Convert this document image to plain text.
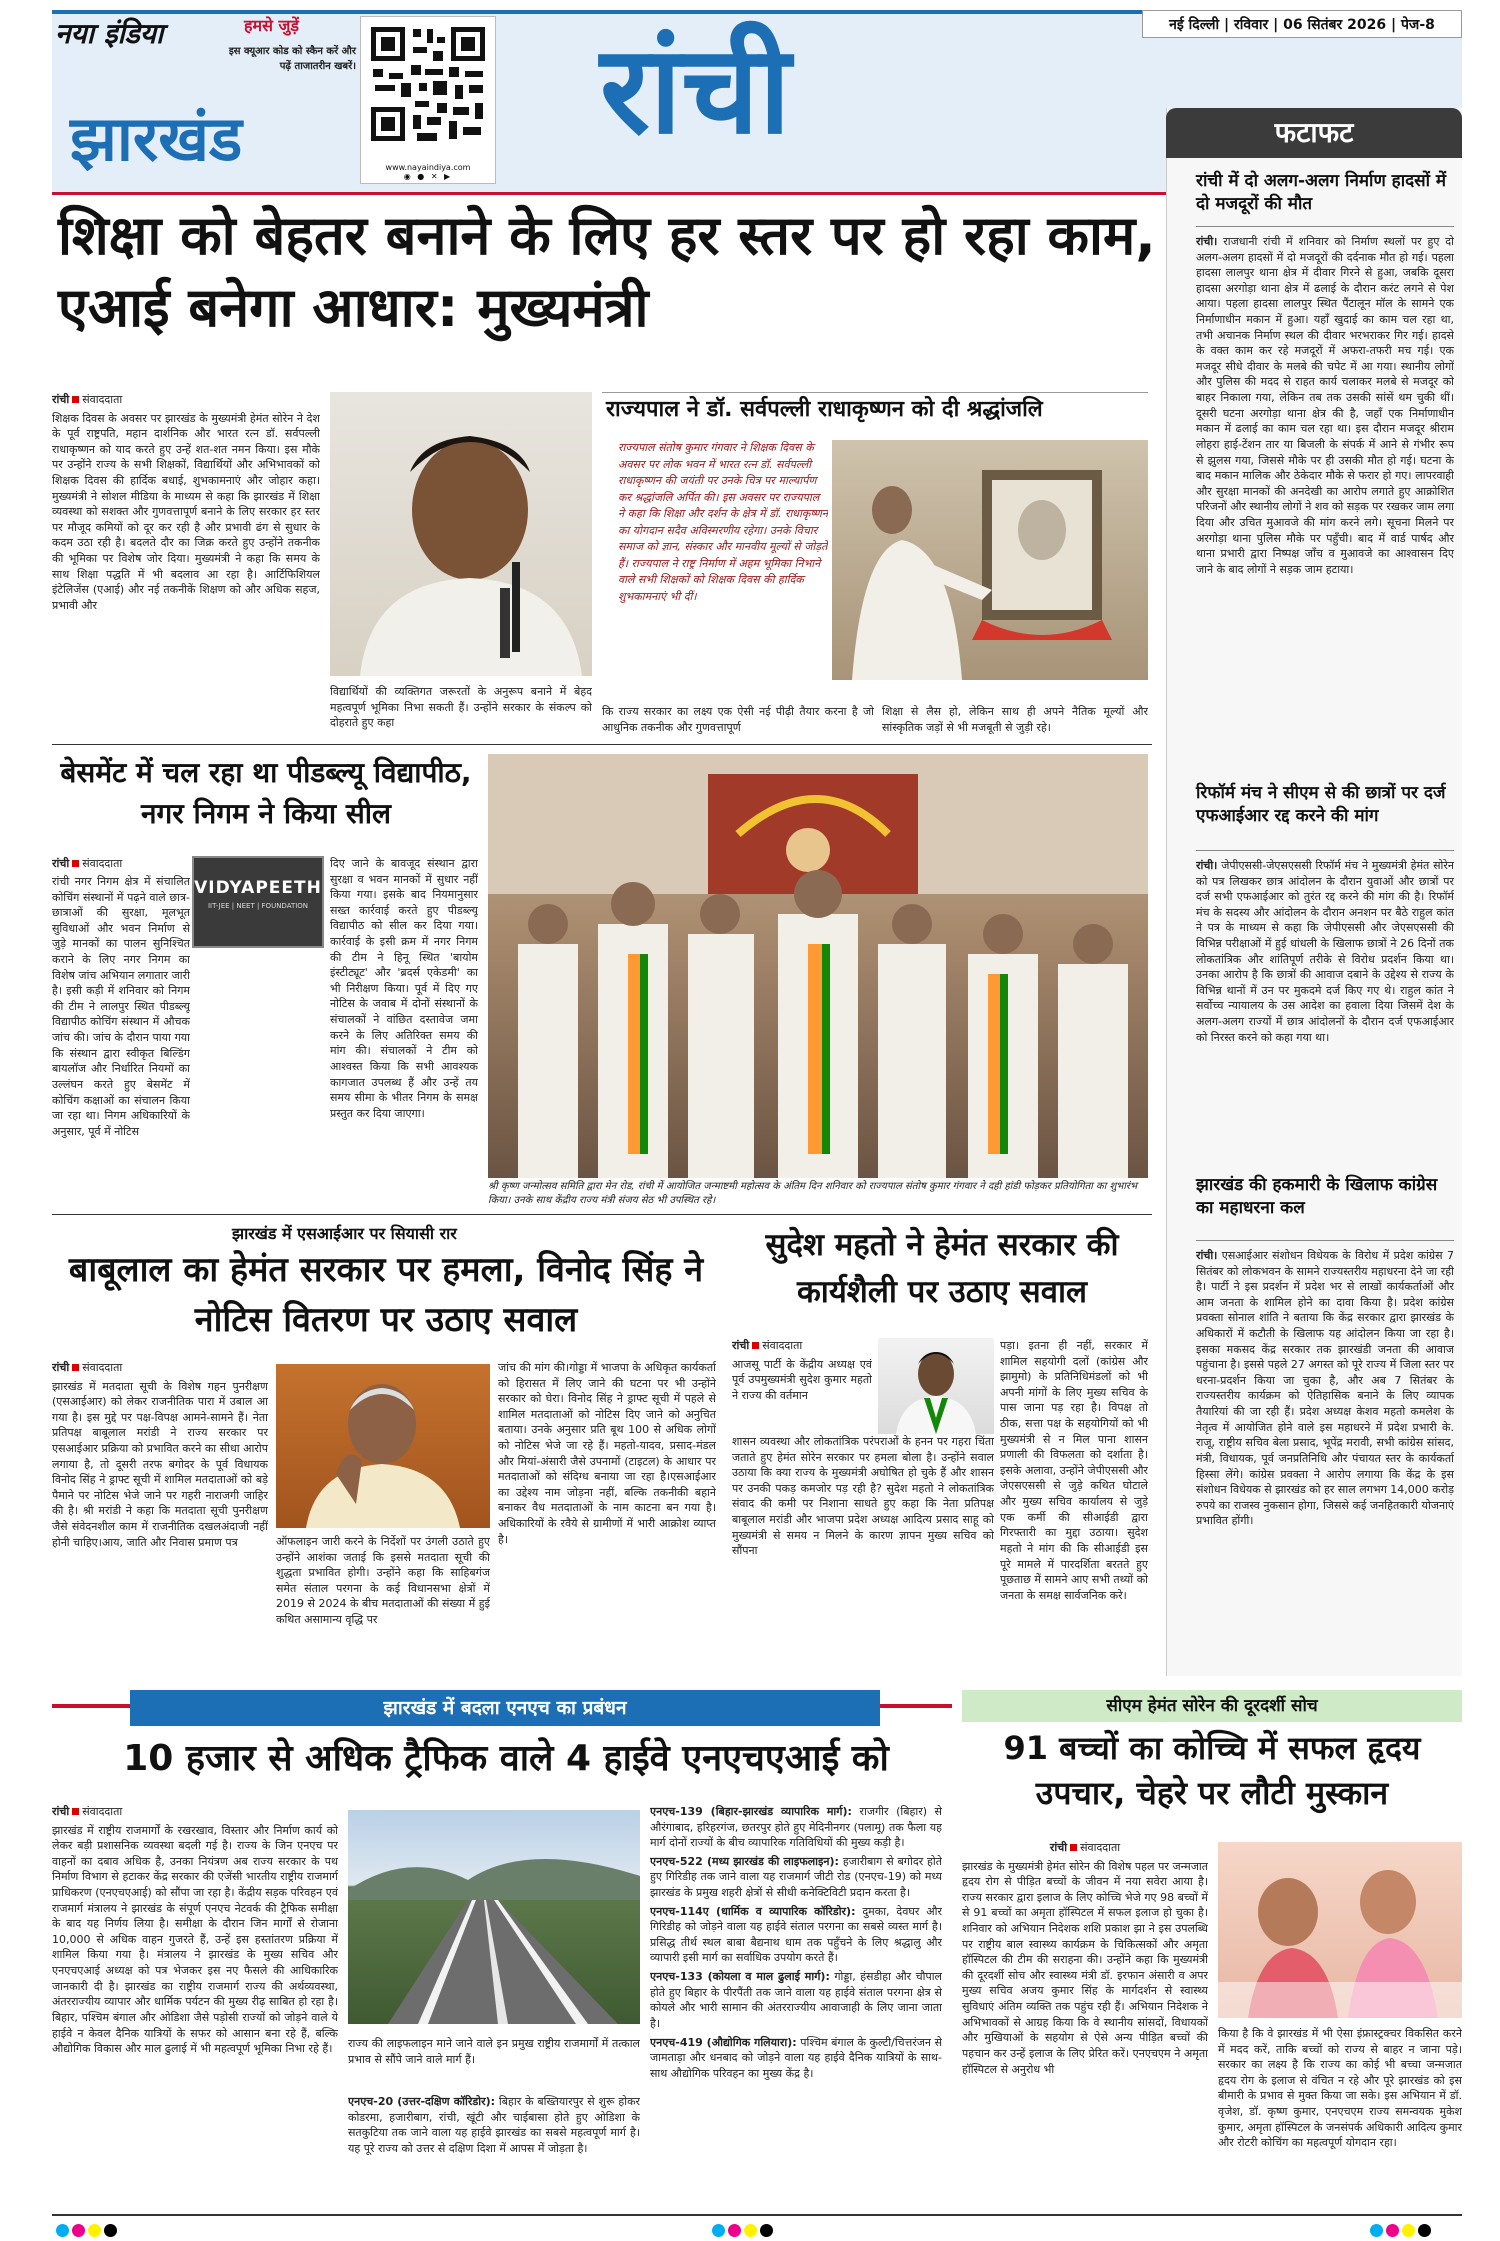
नया इंडिया	हमसे जुड़ें
इस क्यूआर कोड को स्कैन करें और पढ़ें ताजातरीन खबरें।
www.nayaindiya.com
◉ ● ✕ ▶
झारखंड	रांची	नई दिल्ली | रविवार | 06 सितंबर 2026 | पेज-8
शिक्षा को बेहतर बनाने के लिए हर स्तर पर हो रहा काम, एआई बनेगा आधार: मुख्यमंत्री
रांची संवाददाता
शिक्षक दिवस के अवसर पर झारखंड के मुख्यमंत्री हेमंत सोरेन ने देश के पूर्व राष्ट्रपति, महान दार्शनिक और भारत रत्न डॉ. सर्वपल्ली राधाकृष्णन को याद करते हुए उन्हें शत-शत नमन किया। इस मौके पर उन्होंने राज्य के सभी शिक्षकों, विद्यार्थियों और अभिभावकों को शिक्षक दिवस की हार्दिक बधाई, शुभकामनाएं और जोहार कहा। मुख्यमंत्री ने सोशल मीडिया के माध्यम से कहा कि झारखंड में शिक्षा व्यवस्था को सशक्त और गुणवत्तापूर्ण बनाने के लिए सरकार हर स्तर पर मौजूद कमियों को दूर कर रही है और प्रभावी ढंग से सुधार के कदम उठा रही है। बदलते दौर का जिक्र करते हुए उन्होंने तकनीक की भूमिका पर विशेष जोर दिया। मुख्यमंत्री ने कहा कि समय के साथ शिक्षा पद्धति में भी बदलाव आ रहा है। आर्टिफिशियल इंटेलिजेंस (एआई) और नई तकनीकें शिक्षण को और अधिक सहज, प्रभावी और
विद्यार्थियों की व्यक्तिगत जरूरतों के अनुरूप बनाने में बेहद महत्वपूर्ण भूमिका निभा सकती हैं। उन्होंने सरकार के संकल्प को दोहराते हुए कहा
राज्यपाल ने डॉ. सर्वपल्ली राधाकृष्णन को दी श्रद्धांजलि
राज्यपाल संतोष कुमार गंगवार ने शिक्षक दिवस के अवसर पर लोक भवन में भारत रत्न डॉ. सर्वपल्ली राधाकृष्णन की जयंती पर उनके चित्र पर माल्यार्पण कर श्रद्धांजलि अर्पित की। इस अवसर पर राज्यपाल ने कहा कि शिक्षा और दर्शन के क्षेत्र में डॉ. राधाकृष्णन का योगदान सदैव अविस्मरणीय रहेगा। उनके विचार समाज को ज्ञान, संस्कार और मानवीय मूल्यों से जोड़ते हैं। राज्यपाल ने राष्ट्र निर्माण में अहम भूमिका निभाने वाले सभी शिक्षकों को शिक्षक दिवस की हार्दिक शुभकामनाएं भी दीं।
कि राज्य सरकार का लक्ष्य एक ऐसी नई पीढ़ी तैयार करना है जो आधुनिक तकनीक और गुणवत्तापूर्ण
शिक्षा से लैस हो, लेकिन साथ ही अपने नैतिक मूल्यों और सांस्कृतिक जड़ों से भी मजबूती से जुड़ी रहे।
बेसमेंट में चल रहा था पीडब्ल्यू विद्यापीठ, नगर निगम ने किया सील
रांची संवाददाता
VIDYAPEETH
IIT-JEE | NEET | FOUNDATION
रांची नगर निगम क्षेत्र में संचालित कोचिंग संस्थानों में पढ़ने वाले छात्र-छात्राओं की सुरक्षा, मूलभूत सुविधाओं और भवन निर्माण से जुड़े मानकों का पालन सुनिश्चित कराने के लिए नगर निगम का विशेष जांच अभियान लगातार जारी है। इसी कड़ी में शनिवार को निगम की टीम ने लालपुर स्थित पीडब्ल्यू विद्यापीठ कोचिंग संस्थान में औचक जांच की। जांच के दौरान पाया गया कि संस्थान द्वारा स्वीकृत बिल्डिंग बायलॉज और निर्धारित नियमों का उल्लंघन करते हुए बेसमेंट में कोचिंग कक्षाओं का संचालन किया जा रहा था। निगम अधिकारियों के अनुसार, पूर्व में नोटिस
दिए जाने के बावजूद संस्थान द्वारा सुरक्षा व भवन मानकों में सुधार नहीं किया गया। इसके बाद नियमानुसार सख्त कार्रवाई करते हुए पीडब्ल्यू विद्यापीठ को सील कर दिया गया। कार्रवाई के इसी क्रम में नगर निगम की टीम ने हिनू स्थित 'बायोम इंस्टीट्यूट' और 'ब्रदर्स एकेडमी' का भी निरीक्षण किया। पूर्व में दिए गए नोटिस के जवाब में दोनों संस्थानों के संचालकों ने वांछित दस्तावेज जमा करने के लिए अतिरिक्त समय की मांग की। संचालकों ने टीम को आश्वस्त किया कि सभी आवश्यक कागजात उपलब्ध हैं और उन्हें तय समय सीमा के भीतर निगम के समक्ष प्रस्तुत कर दिया जाएगा।
श्री कृष्ण जन्मोत्सव समिति द्वारा मेन रोड, रांची में आयोजित जन्माष्टमी महोत्सव के अंतिम दिन शनिवार को राज्यपाल संतोष कुमार गंगवार ने दही हांडी फोड़कर प्रतियोगिता का शुभारंभ किया। उनके साथ केंद्रीय राज्य मंत्री संजय सेठ भी उपस्थित रहे।
झारखंड में एसआईआर पर सियासी रार
बाबूलाल का हेमंत सरकार पर हमला, विनोद सिंह ने नोटिस वितरण पर उठाए सवाल
रांची संवाददाता
झारखंड में मतदाता सूची के विशेष गहन पुनरीक्षण (एसआईआर) को लेकर राजनीतिक पारा में उबाल आ गया है। इस मुद्दे पर पक्ष-विपक्ष आमने-सामने हैं। नेता प्रतिपक्ष बाबूलाल मरांडी ने राज्य सरकार पर एसआईआर प्रक्रिया को प्रभावित करने का सीधा आरोप लगाया है, तो दूसरी तरफ बगोदर के पूर्व विधायक विनोद सिंह ने ड्राफ्ट सूची में शामिल मतदाताओं को बड़े पैमाने पर नोटिस भेजे जाने पर गहरी नाराजगी जाहिर की है। श्री मरांडी ने कहा कि मतदाता सूची पुनरीक्षण जैसे संवेदनशील काम में राजनीतिक दखलअंदाजी नहीं होनी चाहिए।आय, जाति और निवास प्रमाण पत्र	ऑफलाइन जारी करने के निर्देशों पर उंगली उठाते हुए उन्होंने आशंका जताई कि इससे मतदाता सूची की शुद्धता प्रभावित होगी। उन्होंने कहा कि साहिबगंज समेत संताल परगना के कई विधानसभा क्षेत्रों में 2019 से 2024 के बीच मतदाताओं की संख्या में हुई कथित असामान्य वृद्धि पर
जांच की मांग की।गोड्डा में भाजपा के अधिकृत कार्यकर्ता को हिरासत में लिए जाने की घटना पर भी उन्होंने सरकार को घेरा। विनोद सिंह ने ड्राफ्ट सूची में पहले से शामिल मतदाताओं को नोटिस दिए जाने को अनुचित बताया। उनके अनुसार प्रति बूथ 100 से अधिक लोगों को नोटिस भेजे जा रहे हैं। महतो-यादव, प्रसाद-मंडल और मियां-अंसारी जैसे उपनामों (टाइटल) के आधार पर मतदाताओं को संदिग्ध बनाया जा रहा है।एसआईआर का उद्देश्य नाम जोड़ना नहीं, बल्कि तकनीकी बहाने बनाकर वैध मतदाताओं के नाम काटना बन गया है। अधिकारियों के रवैये से ग्रामीणों में भारी आक्रोश व्याप्त है।
सुदेश महतो ने हेमंत सरकार की कार्यशैली पर उठाए सवाल
रांची संवाददाता
आजसू पार्टी के केंद्रीय अध्यक्ष एवं पूर्व उपमुख्यमंत्री सुदेश कुमार महतो ने राज्य की वर्तमान
शासन व्यवस्था और लोकतांत्रिक परंपराओं के हनन पर गहरा चिंता जताते हुए हेमंत सोरेन सरकार पर हमला बोला है। उन्होंने सवाल उठाया कि क्या राज्य के मुख्यमंत्री अघोषित हो चुके हैं और शासन पर उनकी पकड़ कमजोर पड़ रही है? सुदेश महतो ने लोकतांत्रिक संवाद की कमी पर निशाना साधते हुए कहा कि नेता प्रतिपक्ष बाबूलाल मरांडी और भाजपा प्रदेश अध्यक्ष आदित्य प्रसाद साहू को मुख्यमंत्री से समय न मिलने के कारण ज्ञापन मुख्य सचिव को सौंपना
पड़ा। इतना ही नहीं, सरकार में शामिल सहयोगी दलों (कांग्रेस और झामुमो) के प्रतिनिधिमंडलों को भी अपनी मांगों के लिए मुख्य सचिव के पास जाना पड़ रहा है। विपक्ष तो ठीक, सत्ता पक्ष के सहयोगियों को भी मुख्यमंत्री से न मिल पाना शासन प्रणाली की विफलता को दर्शाता है। इसके अलावा, उन्होंने जेपीएससी और जेएसएससी से जुड़े कथित घोटाले और मुख्य सचिव कार्यालय से जुड़े एक कर्मी की सीआईडी द्वारा गिरफ्तारी का मुद्दा उठाया। सुदेश महतो ने मांग की कि सीआईडी इस पूरे मामले में पारदर्शिता बरतते हुए पूछताछ में सामने आए सभी तथ्यों को जनता के समक्ष सार्वजनिक करे।
फटाफट
रांची में दो अलग-अलग निर्माण हादसों में दो मजदूरों की मौत
रांची। राजधानी रांची में शनिवार को निर्माण स्थलों पर हुए दो अलग-अलग हादसों में दो मजदूरों की दर्दनाक मौत हो गई। पहला हादसा लालपुर थाना क्षेत्र में दीवार गिरने से हुआ, जबकि दूसरा हादसा अरगोड़ा थाना क्षेत्र में ढलाई के दौरान करंट लगने से पेश आया। पहला हादसा लालपुर स्थित पैंटालून मॉल के सामने एक निर्माणाधीन मकान में हुआ। यहाँ खुदाई का काम चल रहा था, तभी अचानक निर्माण स्थल की दीवार भरभराकर गिर गई। हादसे के वक्त काम कर रहे मजदूरों में अफरा-तफरी मच गई। एक मजदूर सीधे दीवार के मलबे की चपेट में आ गया। स्थानीय लोगों और पुलिस की मदद से राहत कार्य चलाकर मलबे से मजदूर को बाहर निकाला गया, लेकिन तब तक उसकी सांसें थम चुकी थीं। दूसरी घटना अरगोड़ा थाना क्षेत्र की है, जहाँ एक निर्माणाधीन मकान में ढलाई का काम चल रहा था। इस दौरान मजदूर श्रीराम लोहरा हाई-टेंशन तार या बिजली के संपर्क में आने से गंभीर रूप से झुलस गया, जिससे मौके पर ही उसकी मौत हो गई। घटना के बाद मकान मालिक और ठेकेदार मौके से फरार हो गए। लापरवाही और सुरक्षा मानकों की अनदेखी का आरोप लगाते हुए आक्रोशित परिजनों और स्थानीय लोगों ने शव को सड़क पर रखकर जाम लगा दिया और उचित मुआवजे की मांग करने लगे। सूचना मिलने पर अरगोड़ा थाना पुलिस मौके पर पहुँची। बाद में वार्ड पार्षद और थाना प्रभारी द्वारा निष्पक्ष जाँच व मुआवजे का आश्वासन दिए जाने के बाद लोगों ने सड़क जाम हटाया।
रिफॉर्म मंच ने सीएम से की छात्रों पर दर्ज एफआईआर रद्द करने की मांग
रांची। जेपीएससी-जेएसएससी रिफॉर्म मंच ने मुख्यमंत्री हेमंत सोरेन को पत्र लिखकर छात्र आंदोलन के दौरान युवाओं और छात्रों पर दर्ज सभी एफआईआर को तुरंत रद्द करने की मांग की है। रिफॉर्म मंच के सदस्य और आंदोलन के दौरान अनशन पर बैठे राहुल कांत ने पत्र के माध्यम से कहा कि जेपीएससी और जेएसएससी की विभिन्न परीक्षाओं में हुई धांधली के खिलाफ छात्रों ने 26 दिनों तक लोकतांत्रिक और शांतिपूर्ण तरीके से विरोध प्रदर्शन किया था। उनका आरोप है कि छात्रों की आवाज दबाने के उद्देश्य से राज्य के विभिन्न थानों में उन पर मुकदमे दर्ज किए गए थे। राहुल कांत ने सर्वोच्च न्यायालय के उस आदेश का हवाला दिया जिसमें देश के अलग-अलग राज्यों में छात्र आंदोलनों के दौरान दर्ज एफआईआर को निरस्त करने को कहा गया था।
झारखंड की हकमारी के खिलाफ कांग्रेस का महाधरना कल
रांची। एसआईआर संशोधन विधेयक के विरोध में प्रदेश कांग्रेस 7 सितंबर को लोकभवन के सामने राज्यस्तरीय महाधरना देने जा रही है। पार्टी ने इस प्रदर्शन में प्रदेश भर से लाखों कार्यकर्ताओं और आम जनता के शामिल होने का दावा किया है। प्रदेश कांग्रेस प्रवक्ता सोनाल शांति ने बताया कि केंद्र सरकार द्वारा झारखंड के अधिकारों में कटौती के खिलाफ यह आंदोलन किया जा रहा है। इसका मकसद केंद्र सरकार तक झारखंडी जनता की आवाज पहुंचाना है। इससे पहले 27 अगस्त को पूरे राज्य में जिला स्तर पर धरना-प्रदर्शन किया जा चुका है, और अब 7 सितंबर के राज्यस्तरीय कार्यक्रम को ऐतिहासिक बनाने के लिए व्यापक तैयारियां की जा रही हैं। प्रदेश अध्यक्ष केशव महतो कमलेश के नेतृत्व में आयोजित होने वाले इस महाधरने में प्रदेश प्रभारी के. राजू, राष्ट्रीय सचिव बेला प्रसाद, भूपेंद्र मरावी, सभी कांग्रेस सांसद, मंत्री, विधायक, पूर्व जनप्रतिनिधि और पंचायत स्तर के कार्यकर्ता हिस्सा लेंगे। कांग्रेस प्रवक्ता ने आरोप लगाया कि केंद्र के इस संशोधन विधेयक से झारखंड को हर साल लगभग 14,000 करोड़ रुपये का राजस्व नुकसान होगा, जिससे कई जनहितकारी योजनाएं प्रभावित होंगी।
झारखंड में बदला एनएच का प्रबंधन
10 हजार से अधिक ट्रैफिक वाले 4 हाईवे एनएचएआई को
रांची संवाददाता
झारखंड में राष्ट्रीय राजमार्गों के रखरखाव, विस्तार और निर्माण कार्य को लेकर बड़ी प्रशासनिक व्यवस्था बदली गई है। राज्य के जिन एनएच पर वाहनों का दबाव अधिक है, उनका नियंत्रण अब राज्य सरकार के पथ निर्माण विभाग से हटाकर केंद्र सरकार की एजेंसी भारतीय राष्ट्रीय राजमार्ग प्राधिकरण (एनएचएआई) को सौंपा जा रहा है। केंद्रीय सड़क परिवहन एवं राजमार्ग मंत्रालय ने झारखंड के संपूर्ण एनएच नेटवर्क की ट्रैफिक समीक्षा के बाद यह निर्णय लिया है। समीक्षा के दौरान जिन मार्गों से रोजाना 10,000 से अधिक वाहन गुजरते हैं, उन्हें इस हस्तांतरण प्रक्रिया में शामिल किया गया है। मंत्रालय ने झारखंड के मुख्य सचिव और एनएचएआई अध्यक्ष को पत्र भेजकर इस नए फैसले की आधिकारिक जानकारी दी है। झारखंड का राष्ट्रीय राजमार्ग राज्य की अर्थव्यवस्था, अंतरराज्यीय व्यापार और धार्मिक पर्यटन की मुख्य रीढ़ साबित हो रहा है। बिहार, पश्चिम बंगाल और ओडिशा जैसे पड़ोसी राज्यों को जोड़ने वाले ये हाईवे न केवल दैनिक यात्रियों के सफर को आसान बना रहे हैं, बल्कि औद्योगिक विकास और माल ढुलाई में भी महत्वपूर्ण भूमिका निभा रहे हैं।	राज्य की लाइफलाइन माने जाने वाले इन प्रमुख राष्ट्रीय राजमार्गों में तत्काल प्रभाव से सौंपे जाने वाले मार्ग हैं।
एनएच-20 (उत्तर-दक्षिण कॉरिडोर): बिहार के बख्तियारपुर से शुरू होकर कोडरमा, हजारीबाग, रांची, खूंटी और चाईबासा होते हुए ओडिशा के सतकुटिया तक जाने वाला यह हाईवे झारखंड का सबसे महत्वपूर्ण मार्ग है। यह पूरे राज्य को उत्तर से दक्षिण दिशा में आपस में जोड़ता है।

एनएच-139 (बिहार-झारखंड व्यापारिक मार्ग): राजगीर (बिहार) से औरंगाबाद, हरिहरगंज, छतरपुर होते हुए मेदिनीनगर (पलामू) तक फैला यह मार्ग दोनों राज्यों के बीच व्यापारिक गतिविधियों की मुख्य कड़ी है।

एनएच-522 (मध्य झारखंड की लाइफलाइन): हजारीबाग से बगोदर होते हुए गिरिडीह तक जाने वाला यह राजमार्ग जीटी रोड (एनएच-19) को मध्य झारखंड के प्रमुख शहरी क्षेत्रों से सीधी कनेक्टिविटी प्रदान करता है।

एनएच-114ए (धार्मिक व व्यापारिक कॉरिडोर): दुमका, देवघर और गिरिडीह को जोड़ने वाला यह हाईवे संताल परगना का सबसे व्यस्त मार्ग है। प्रसिद्ध तीर्थ स्थल बाबा बैद्यनाथ धाम तक पहुँचने के लिए श्रद्धालु और व्यापारी इसी मार्ग का सर्वाधिक उपयोग करते हैं।

एनएच-133 (कोयला व माल ढुलाई मार्ग): गोड्डा, हंसडीहा और चौपाल होते हुए बिहार के पीरपैंती तक जाने वाला यह हाईवे संताल परगना क्षेत्र से कोयले और भारी सामान की अंतरराज्यीय आवाजाही के लिए जाना जाता है।

एनएच-419 (औद्योगिक गलियारा): पश्चिम बंगाल के कुल्टी/चित्तरंजन से जामताड़ा और धनबाद को जोड़ने वाला यह हाईवे दैनिक यात्रियों के साथ-साथ औद्योगिक परिवहन का मुख्य केंद्र है।

सीएम हेमंत सोरेन की दूरदर्शी सोच
91 बच्चों का कोच्चि में सफल हृदय उपचार, चेहरे पर लौटी मुस्कान
रांची संवाददाता
झारखंड के मुख्यमंत्री हेमंत सोरेन की विशेष पहल पर जन्मजात हृदय रोग से पीड़ित बच्चों के जीवन में नया सवेरा आया है। राज्य सरकार द्वारा इलाज के लिए कोच्चि भेजे गए 98 बच्चों में से 91 बच्चों का अमृता हॉस्पिटल में सफल इलाज हो चुका है। शनिवार को अभियान निदेशक शशि प्रकाश झा ने इस उपलब्धि पर राष्ट्रीय बाल स्वास्थ्य कार्यक्रम के चिकित्सकों और अमृता हॉस्पिटल की टीम की सराहना की। उन्होंने कहा कि मुख्यमंत्री की दूरदर्शी सोच और स्वास्थ्य मंत्री डॉ. इरफान अंसारी व अपर मुख्य सचिव अजय कुमार सिंह के मार्गदर्शन से स्वास्थ्य सुविधाएं अंतिम व्यक्ति तक पहुंच रही हैं। अभियान निदेशक ने अभिभावकों से आग्रह किया कि वे स्थानीय सांसदों, विधायकों और मुखियाओं के सहयोग से ऐसे अन्य पीड़ित बच्चों की पहचान कर उन्हें इलाज के लिए प्रेरित करें। एनएचएम ने अमृता हॉस्पिटल से अनुरोध भी
किया है कि वे झारखंड में भी ऐसा इंफ्रास्ट्रक्चर विकसित करने में मदद करें, ताकि बच्चों को राज्य से बाहर न जाना पड़े।सरकार का लक्ष्य है कि राज्य का कोई भी बच्चा जन्मजात हृदय रोग के इलाज से वंचित न रहे और पूरे झारखंड को इस बीमारी के प्रभाव से मुक्त किया जा सके। इस अभियान में डॉ. वृजेश, डॉ. कृष्ण कुमार, एनएचएम राज्य समन्वयक मुकेश कुमार, अमृता हॉस्पिटल के जनसंपर्क अधिकारी आदित्य कुमार और रोटरी कोचिंग का महत्वपूर्ण योगदान रहा।
